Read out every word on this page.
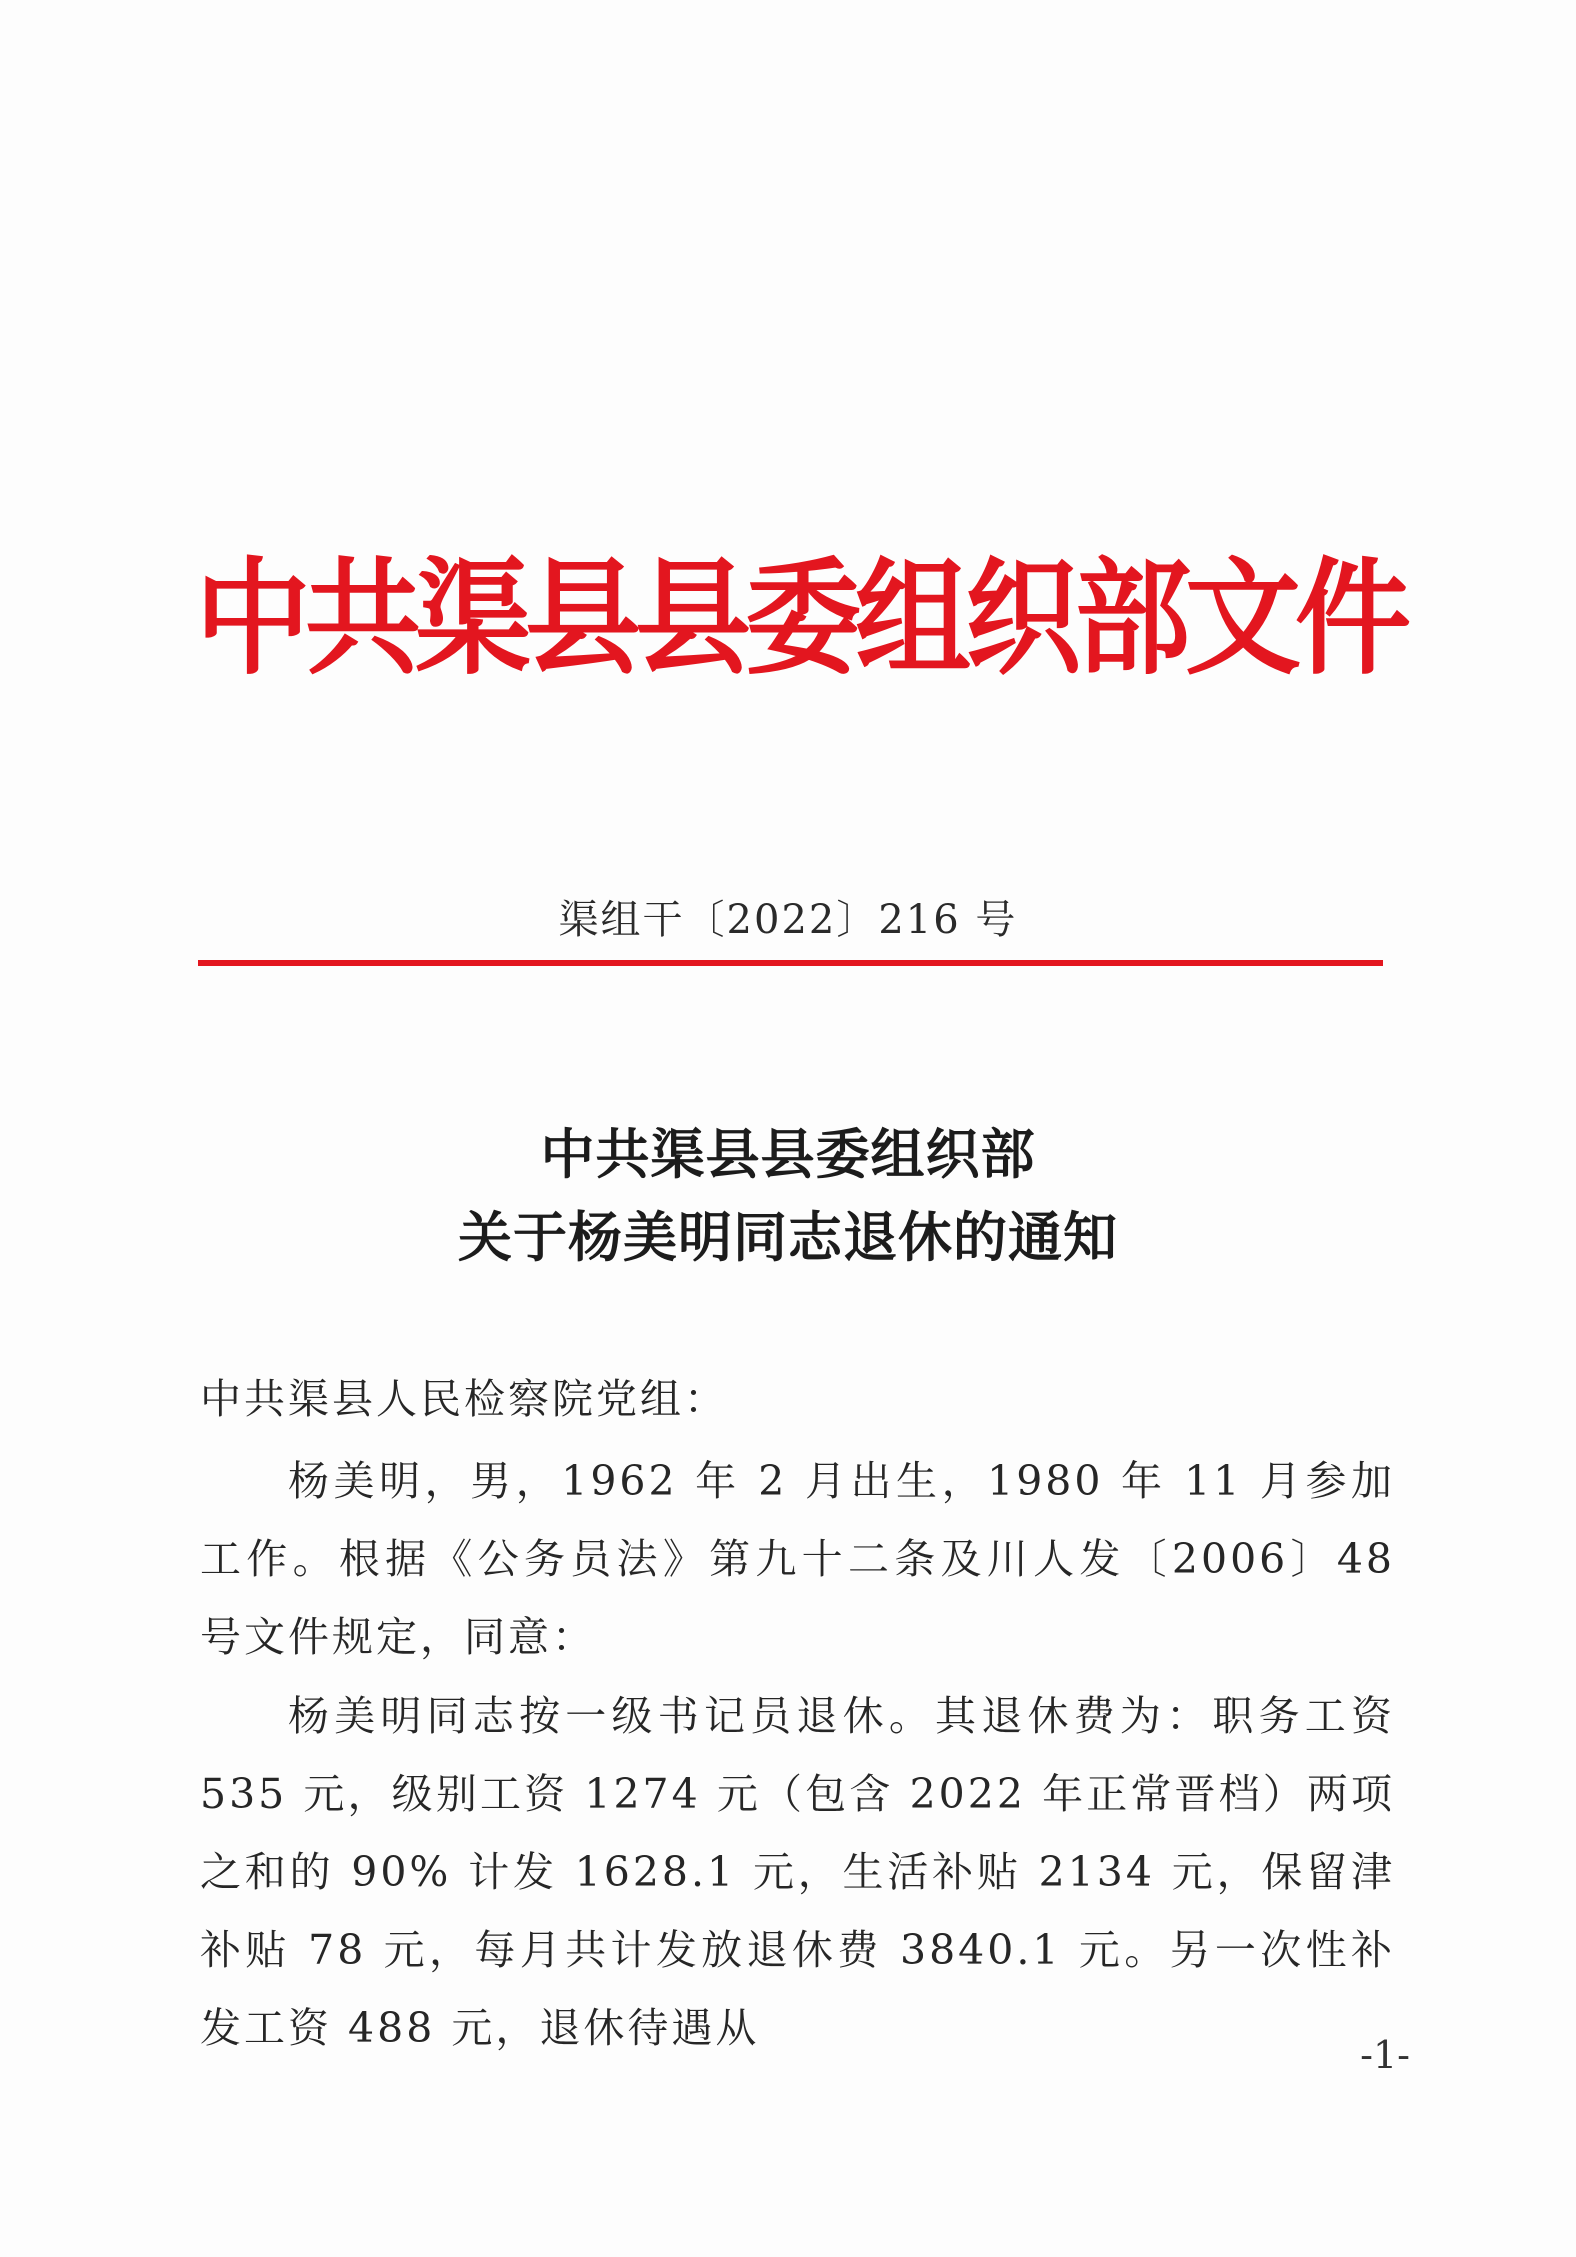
中共渠县县委组织部文件
渠组干〔2022〕216 号
中共渠县县委组织部
关于杨美明同志退休的通知
中共渠县人民检察院党组：
杨美明，男，1962 年 2 月出生，1980 年 11 月参加工作。根据《公务员法》第九十二条及川人发〔2006〕48 号文件规定，同意：
杨美明同志按一级书记员退休。其退休费为：职务工资 535 元，级别工资 1274 元（包含 2022 年正常晋档）两项之和的 90% 计发 1628.1 元，生活补贴 2134 元，保留津补贴 78 元，每月共计发放退休费 3840.1 元。另一次性补发工资 488 元，退休待遇从
-1-
